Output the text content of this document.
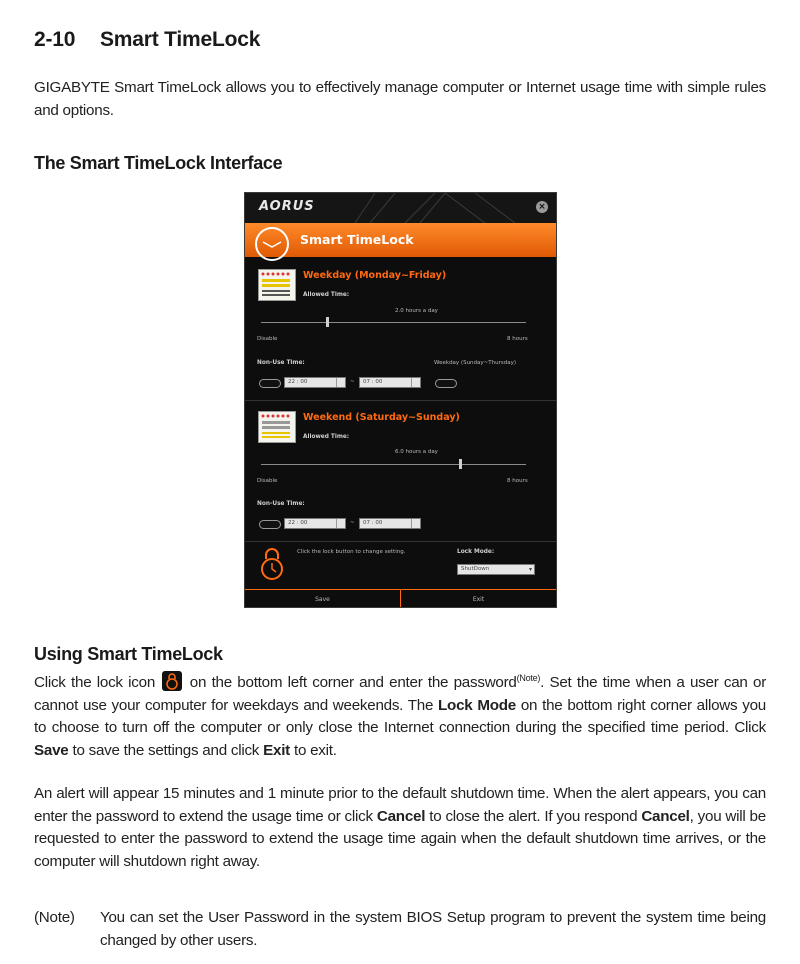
2-10 Smart TimeLock
GIGABYTE Smart TimeLock allows you to effectively manage computer or Internet usage time with simple rules and options.
The Smart TimeLock Interface
AORUS	×
Smart TimeLock
Weekday (Monday~Friday)
Allowed Time:
2.0 hours a day
Disable	8 hours
Non-Use Time:	Weekday (Sunday~Thursday)
22 : 00	~	07 : 00
Weekend (Saturday~Sunday)
Allowed Time:
6.0 hours a day
Disable	8 hours
Non-Use Time:
22 : 00	~	07 : 00
Click the lock button to change setting.	Lock Mode:
ShutDown	▾
Save	Exit
Using Smart TimeLock
Click the lock icon on the bottom left corner and enter the password$^{(Note)}$. Set the time when a user can or cannot use your computer for weekdays and weekends. The Lock Mode on the bottom right corner allows you to choose to turn off the computer or only close the Internet connection during the specified time period. Click Save to save the settings and click Exit to exit.
An alert will appear 15 minutes and 1 minute prior to the default shutdown time. When the alert appears, you can enter the password to extend the usage time or click Cancel to close the alert. If you respond Cancel, you will be requested to enter the password to extend the usage time again when the default shutdown time arrives, or the computer will shutdown right away.
(Note)	You can set the User Password in the system BIOS Setup program to prevent the system time being changed by other users.
